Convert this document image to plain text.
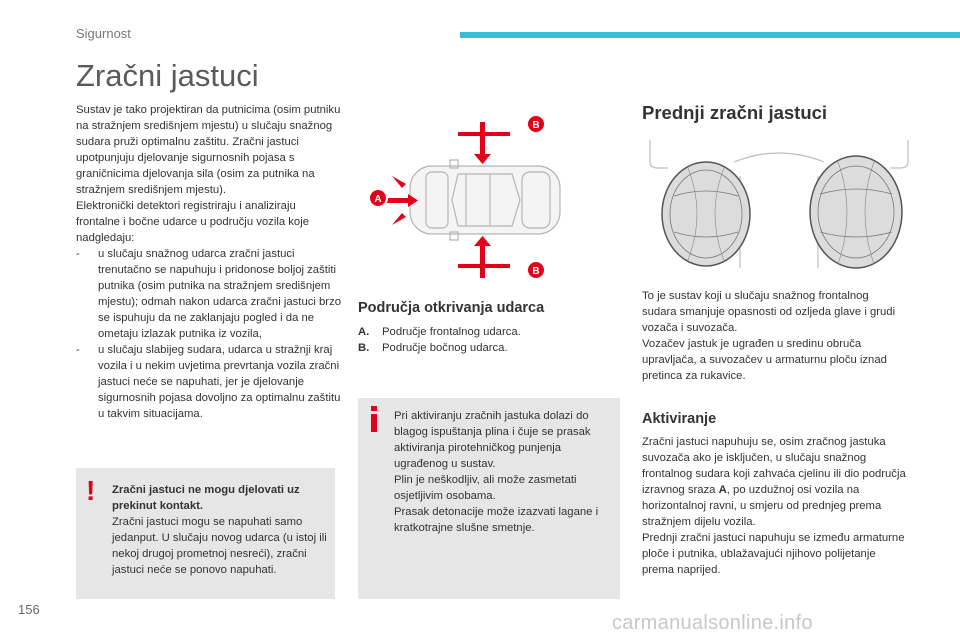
Sigurnost
Zračni jastuci

Sustav je tako projektiran da putnicima (osim putniku na stražnjem središnjem mjestu) u slučaju snažnog sudara pruži optimalnu zaštitu. Zračni jastuci upotpunjuju djelovanje sigurnosnih pojasa s graničnicima djelovanja sila (osim za putnika na stražnjem središnjem mjestu).

Elektronički detektori registriraju i analiziraju frontalne i bočne udarce u području vozila koje nadgledaju:

-	u slučaju snažnog udarca zračni jastuci trenutačno se napuhuju i pridonose boljoj zaštiti putnika (osim putnika na stražnjem središnjem mjestu); odmah nakon udarca zračni jastuci brzo se ispuhuju da ne zaklanjaju pogled i da ne ometaju izlazak putnika iz vozila,
-	u slučaju slabijeg sudara, udarca u stražnji kraj vozila i u nekim uvjetima prevrtanja vozila zračni jastuci neće se napuhati, jer je djelovanje sigurnosnih pojasa dovoljno za optimalnu zaštitu u takvim situacijama.
! Zračni jastuci ne mogu djelovati uz prekinut kontakt.
Zračni jastuci mogu se napuhati samo jedanput. U slučaju novog udarca (u istoj ili nekoj drugoj prometnoj nesreći), zračni jastuci neće se ponovo napuhati.
A
B
B
Područja otkrivanja udarca
A.	Područje frontalnog udarca.
B.	Područje bočnog udarca.

Pri aktiviranju zračnih jastuka dolazi do blagog ispuštanja plina i čuje se prasak aktiviranja pirotehničkog punjenja ugrađenog u sustav.

Plin je neškodljiv, ali može zasmetati osjetljivim osobama.

Prasak detonacije može izazvati lagane i kratkotrajne slušne smetnje.

Prednji zračni jastuci

To je sustav koji u slučaju snažnog frontalnog sudara smanjuje opasnosti od ozljeda glave i grudi vozača i suvozača.

Vozačev jastuk je ugrađen u sredinu obruča upravljača, a suvozačev u armaturnu ploču iznad pretinca za rukavice.

Aktiviranje

Zračni jastuci napuhuju se, osim zračnog jastuka suvozača ako je isključen, u slučaju snažnog frontalnog sudara koji zahvaća cjelinu ili dio područja izravnog sraza A, po uzdužnoj osi vozila na horizontalnoj ravni, u smjeru od prednjeg prema stražnjem dijelu vozila.

Prednji zračni jastuci napuhuju se između armaturne ploče i putnika, ublažavajući njihovo polijetanje prema naprijed.

156
carmanualsonline.info
